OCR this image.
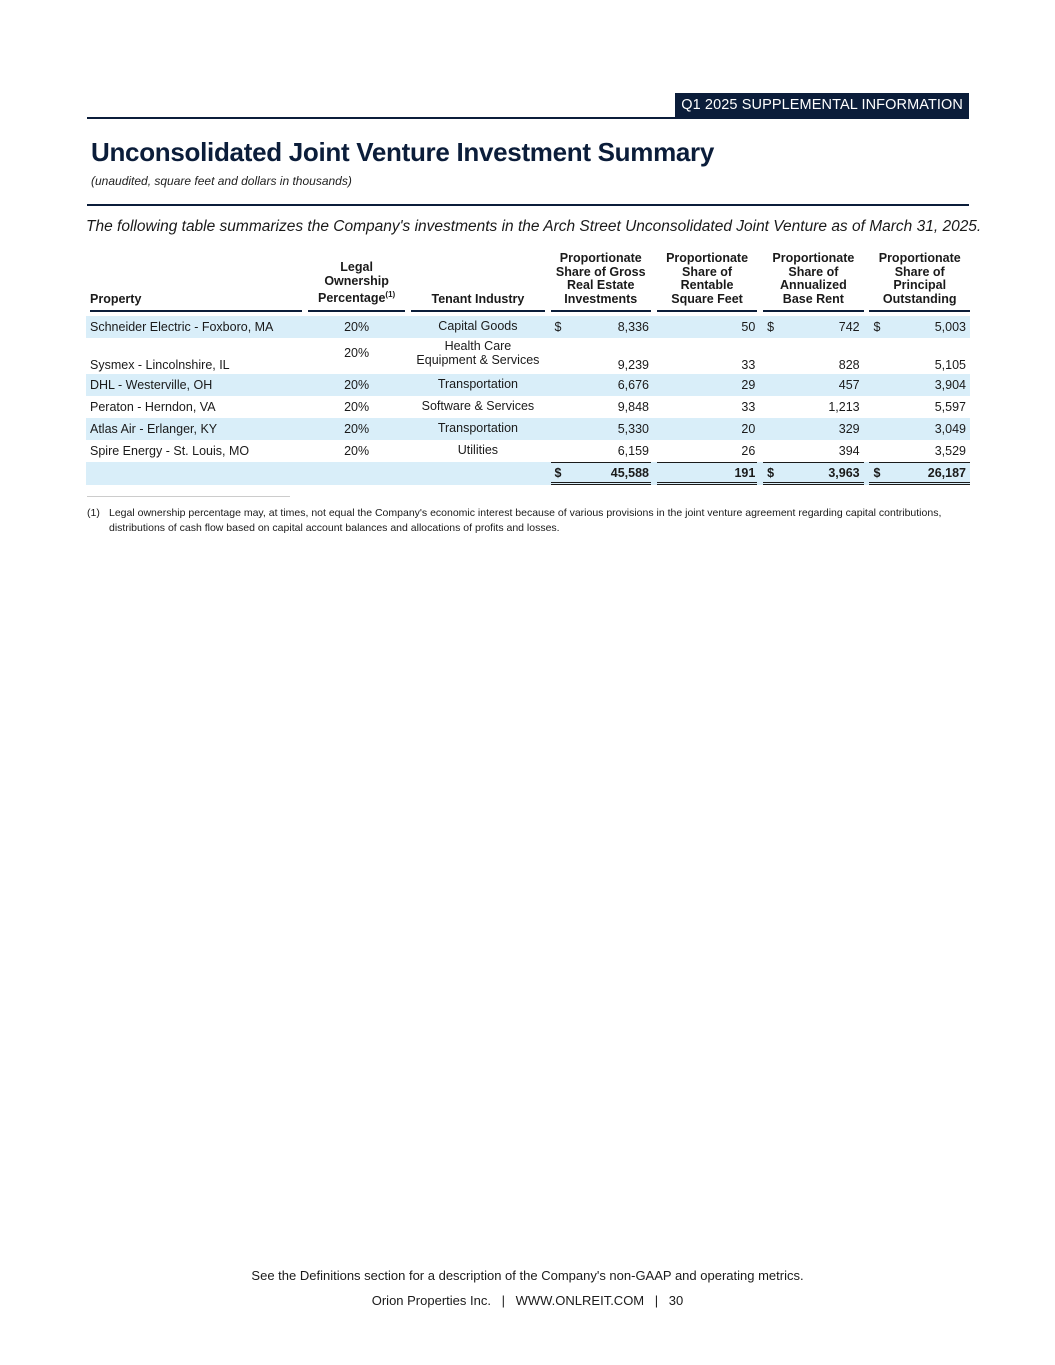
Q1 2025 SUPPLEMENTAL INFORMATION
Unconsolidated Joint Venture Investment Summary
(unaudited, square feet and dollars in thousands)
The following table summarizes the Company's investments in the Arch Street Unconsolidated Joint Venture as of March 31, 2025.
Property		Legal
Ownership
Percentage$^{(1)}$		Tenant Industry		Proportionate
Share of Gross
Real Estate
Investments		Proportionate
Share of
Rentable
Square Feet		Proportionate
Share of
Annualized
Base Rent		Proportionate
Share of
Principal
Outstanding

Schneider Electric - Foxboro, MA		20%		Capital Goods		$ 8,336		50		$ 742		$ 5,003

Sysmex - Lincolnshire, IL		20%		Health Care
Equipment & Services		9,239		33		828		5,105

DHL - Westerville, OH		20%		Transportation		6,676		29		457		3,904

Peraton - Herndon, VA		20%		Software & Services		9,848		33		1,213		5,597

Atlas Air - Erlanger, KY		20%		Transportation		5,330		20		329		3,049

Spire Energy - St. Louis, MO		20%		Utilities		6,159		26		394		3,529

						$ 45,588		191		$ 3,963		$ 26,187
(1) Legal ownership percentage may, at times, not equal the Company's economic interest because of various provisions in the joint venture agreement regarding capital contributions, distributions of cash flow based on capital account balances and allocations of profits and losses.
See the Definitions section for a description of the Company's non-GAAP and operating metrics.
Orion Properties Inc. | WWW.ONLREIT.COM | 30
